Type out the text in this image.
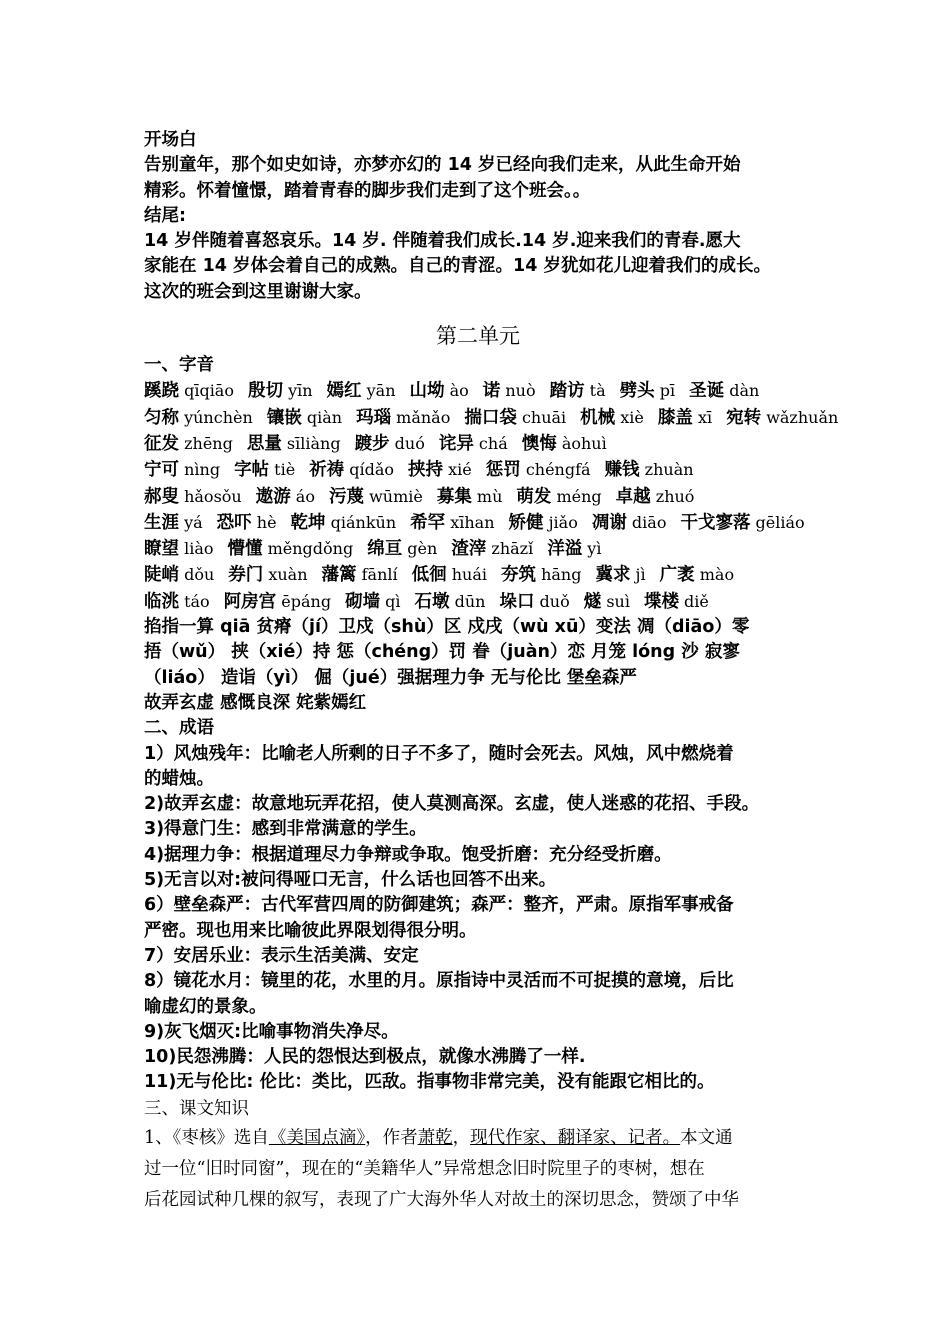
开场白
告别童年，那个如史如诗，亦梦亦幻的 14 岁已经向我们走来，从此生命开始
精彩。怀着憧憬，踏着青春的脚步我们走到了这个班会。。
结尾:
14 岁伴随着喜怒哀乐。14 岁. 伴随着我们成长.14 岁.迎来我们的青春.愿大
家能在 14 岁体会着自己的成熟。自己的青涩。14 岁犹如花儿迎着我们的成长。
这次的班会到这里谢谢大家。
第二单元
一、字音
蹊跷 qīqiāo 殷切 yīn 嫣红 yān 山坳 ào 诺 nuò 踏访 tà 劈头 pī 圣诞 dàn
匀称 yúnchèn 镶嵌 qiàn 玛瑙 mǎnǎo 揣口袋 chuāi 机械 xiè 膝盖 xī 宛转 wǎzhuǎn
征发 zhēng 思量 sīliàng 踱步 duó 诧异 chá 懊悔 àohuì
宁可 nìng 字帖 tiè 祈祷 qídǎo 挟持 xié 惩罚 chéngfá 赚钱 zhuàn
郝叟 hǎosǒu 遨游 áo 污蔑 wūmiè 募集 mù 萌发 méng 卓越 zhuó
生涯 yá 恐吓 hè 乾坤 qiánkūn 希罕 xīhan 矫健 jiǎo 凋谢 diāo 干戈寥落 gēliáo
瞭望 liào 懵懂 měngdǒng 绵亘 gèn 渣滓 zhāzǐ 洋溢 yì
陡峭 dǒu 券门 xuàn 藩篱 fānlí 低徊 huái 夯筑 hāng 冀求 jì 广袤 mào
临洮 táo 阿房宫 ēpáng 砌墙 qì 石墩 dūn 垛口 duǒ 燧 suì 堞楼 diě
掐指一算 qiā 贫瘠（jí）卫戍（shù）区 戍戌（wù xū）变法 凋（diāo）零
捂（wǔ） 挟（xié）持 惩（chéng）罚 眷（juàn）恋 月笼 lóng 沙 寂寥
（liáo） 造诣（yì） 倔（jué）强据理力争 无与伦比 堡垒森严
故弄玄虚 感慨良深 姹紫嫣红
二、成语
1）风烛残年：比喻老人所剩的日子不多了，随时会死去。风烛，风中燃烧着
的蜡烛。
2)故弄玄虚：故意地玩弄花招，使人莫测高深。玄虚，使人迷惑的花招、手段。
3)得意门生：感到非常满意的学生。
4)据理力争：根据道理尽力争辩或争取。饱受折磨：充分经受折磨。
5)无言以对:被问得哑口无言，什么话也回答不出来。
6）壁垒森严：古代军营四周的防御建筑；森严：整齐，严肃。原指军事戒备
严密。现也用来比喻彼此界限划得很分明。
7）安居乐业：表示生活美满、安定
8）镜花水月：镜里的花，水里的月。原指诗中灵活而不可捉摸的意境，后比
喻虚幻的景象。
9)灰飞烟灭:比喻事物消失净尽。
10)民怨沸腾：人民的怨恨达到极点，就像水沸腾了一样.
11)无与伦比: 伦比：类比，匹敌。指事物非常完美，没有能跟它相比的。
三、课文知识
1、《枣核》选自《美国点滴》，作者萧乾，现代作家、翻译家、记者。本文通
过一位“旧时同窗”，现在的“美籍华人”异常想念旧时院里子的枣树，想在
后花园试种几棵的叙写，表现了广大海外华人对故土的深切思念，赞颂了中华
